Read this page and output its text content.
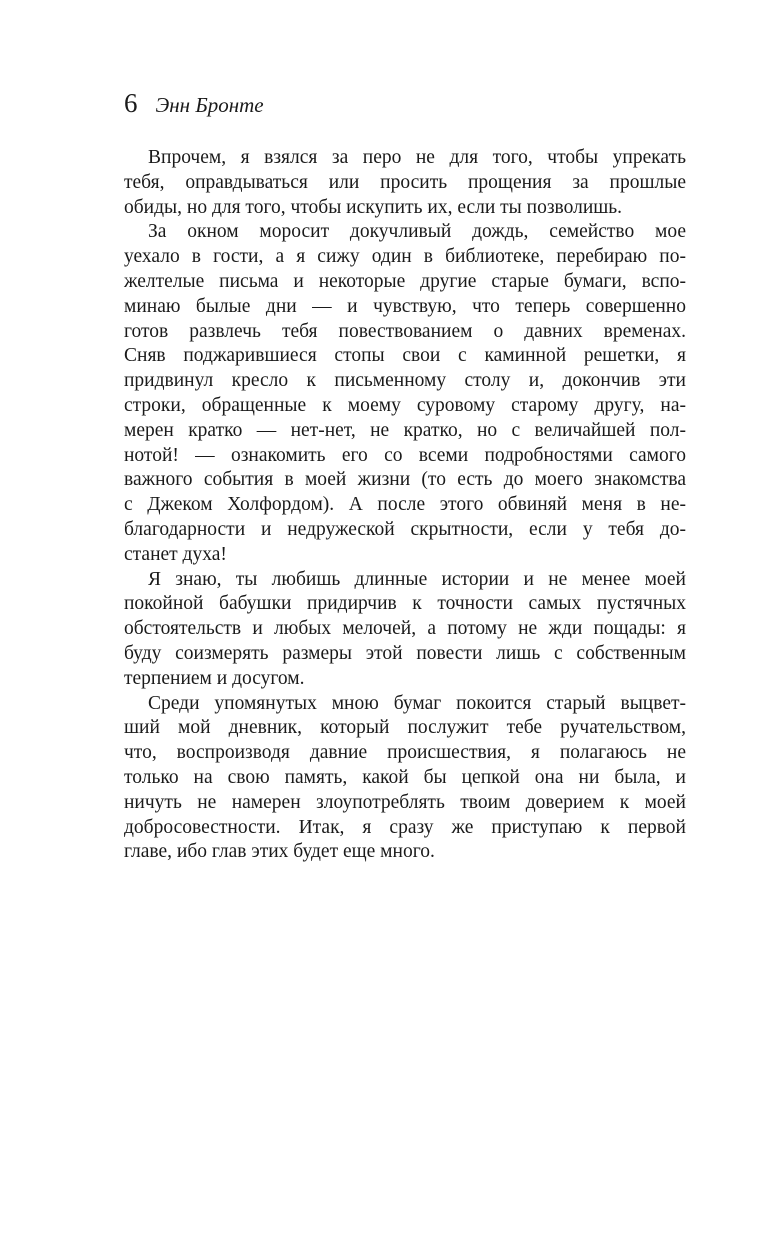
6 Энн Бронте
Впрочем, я взялся за перо не для того, чтобы упрекать
тебя, оправдываться или просить прощения за прошлые
обиды, но для того, чтобы искупить их, если ты позволишь.
За окном моросит докучливый дождь, семейство мое
уехало в гости, а я сижу один в библиотеке, перебираю по-
желтелые письма и некоторые другие старые бумаги, вспо-
минаю былые дни — и чувствую, что теперь совершенно
готов развлечь тебя повествованием о давних временах.
Сняв поджарившиеся стопы свои с каминной решетки, я
придвинул кресло к письменному столу и, докончив эти
строки, обращенные к моему суровому старому другу, на-
мерен кратко — нет-нет, не кратко, но с величайшей пол-
нотой! — ознакомить его со всеми подробностями самого
важного события в моей жизни (то есть до моего знакомства
с Джеком Холфордом). А после этого обвиняй меня в не-
благодарности и недружеской скрытности, если у тебя до-
станет духа!
Я знаю, ты любишь длинные истории и не менее моей
покойной бабушки придирчив к точности самых пустячных
обстоятельств и любых мелочей, а потому не жди пощады: я
буду соизмерять размеры этой повести лишь с собственным
терпением и досугом.
Среди упомянутых мною бумаг покоится старый выцвет-
ший мой дневник, который послужит тебе ручательством,
что, воспроизводя давние происшествия, я полагаюсь не
только на свою память, какой бы цепкой она ни была, и
ничуть не намерен злоупотреблять твоим доверием к моей
добросовестности. Итак, я сразу же приступаю к первой
главе, ибо глав этих будет еще много.
